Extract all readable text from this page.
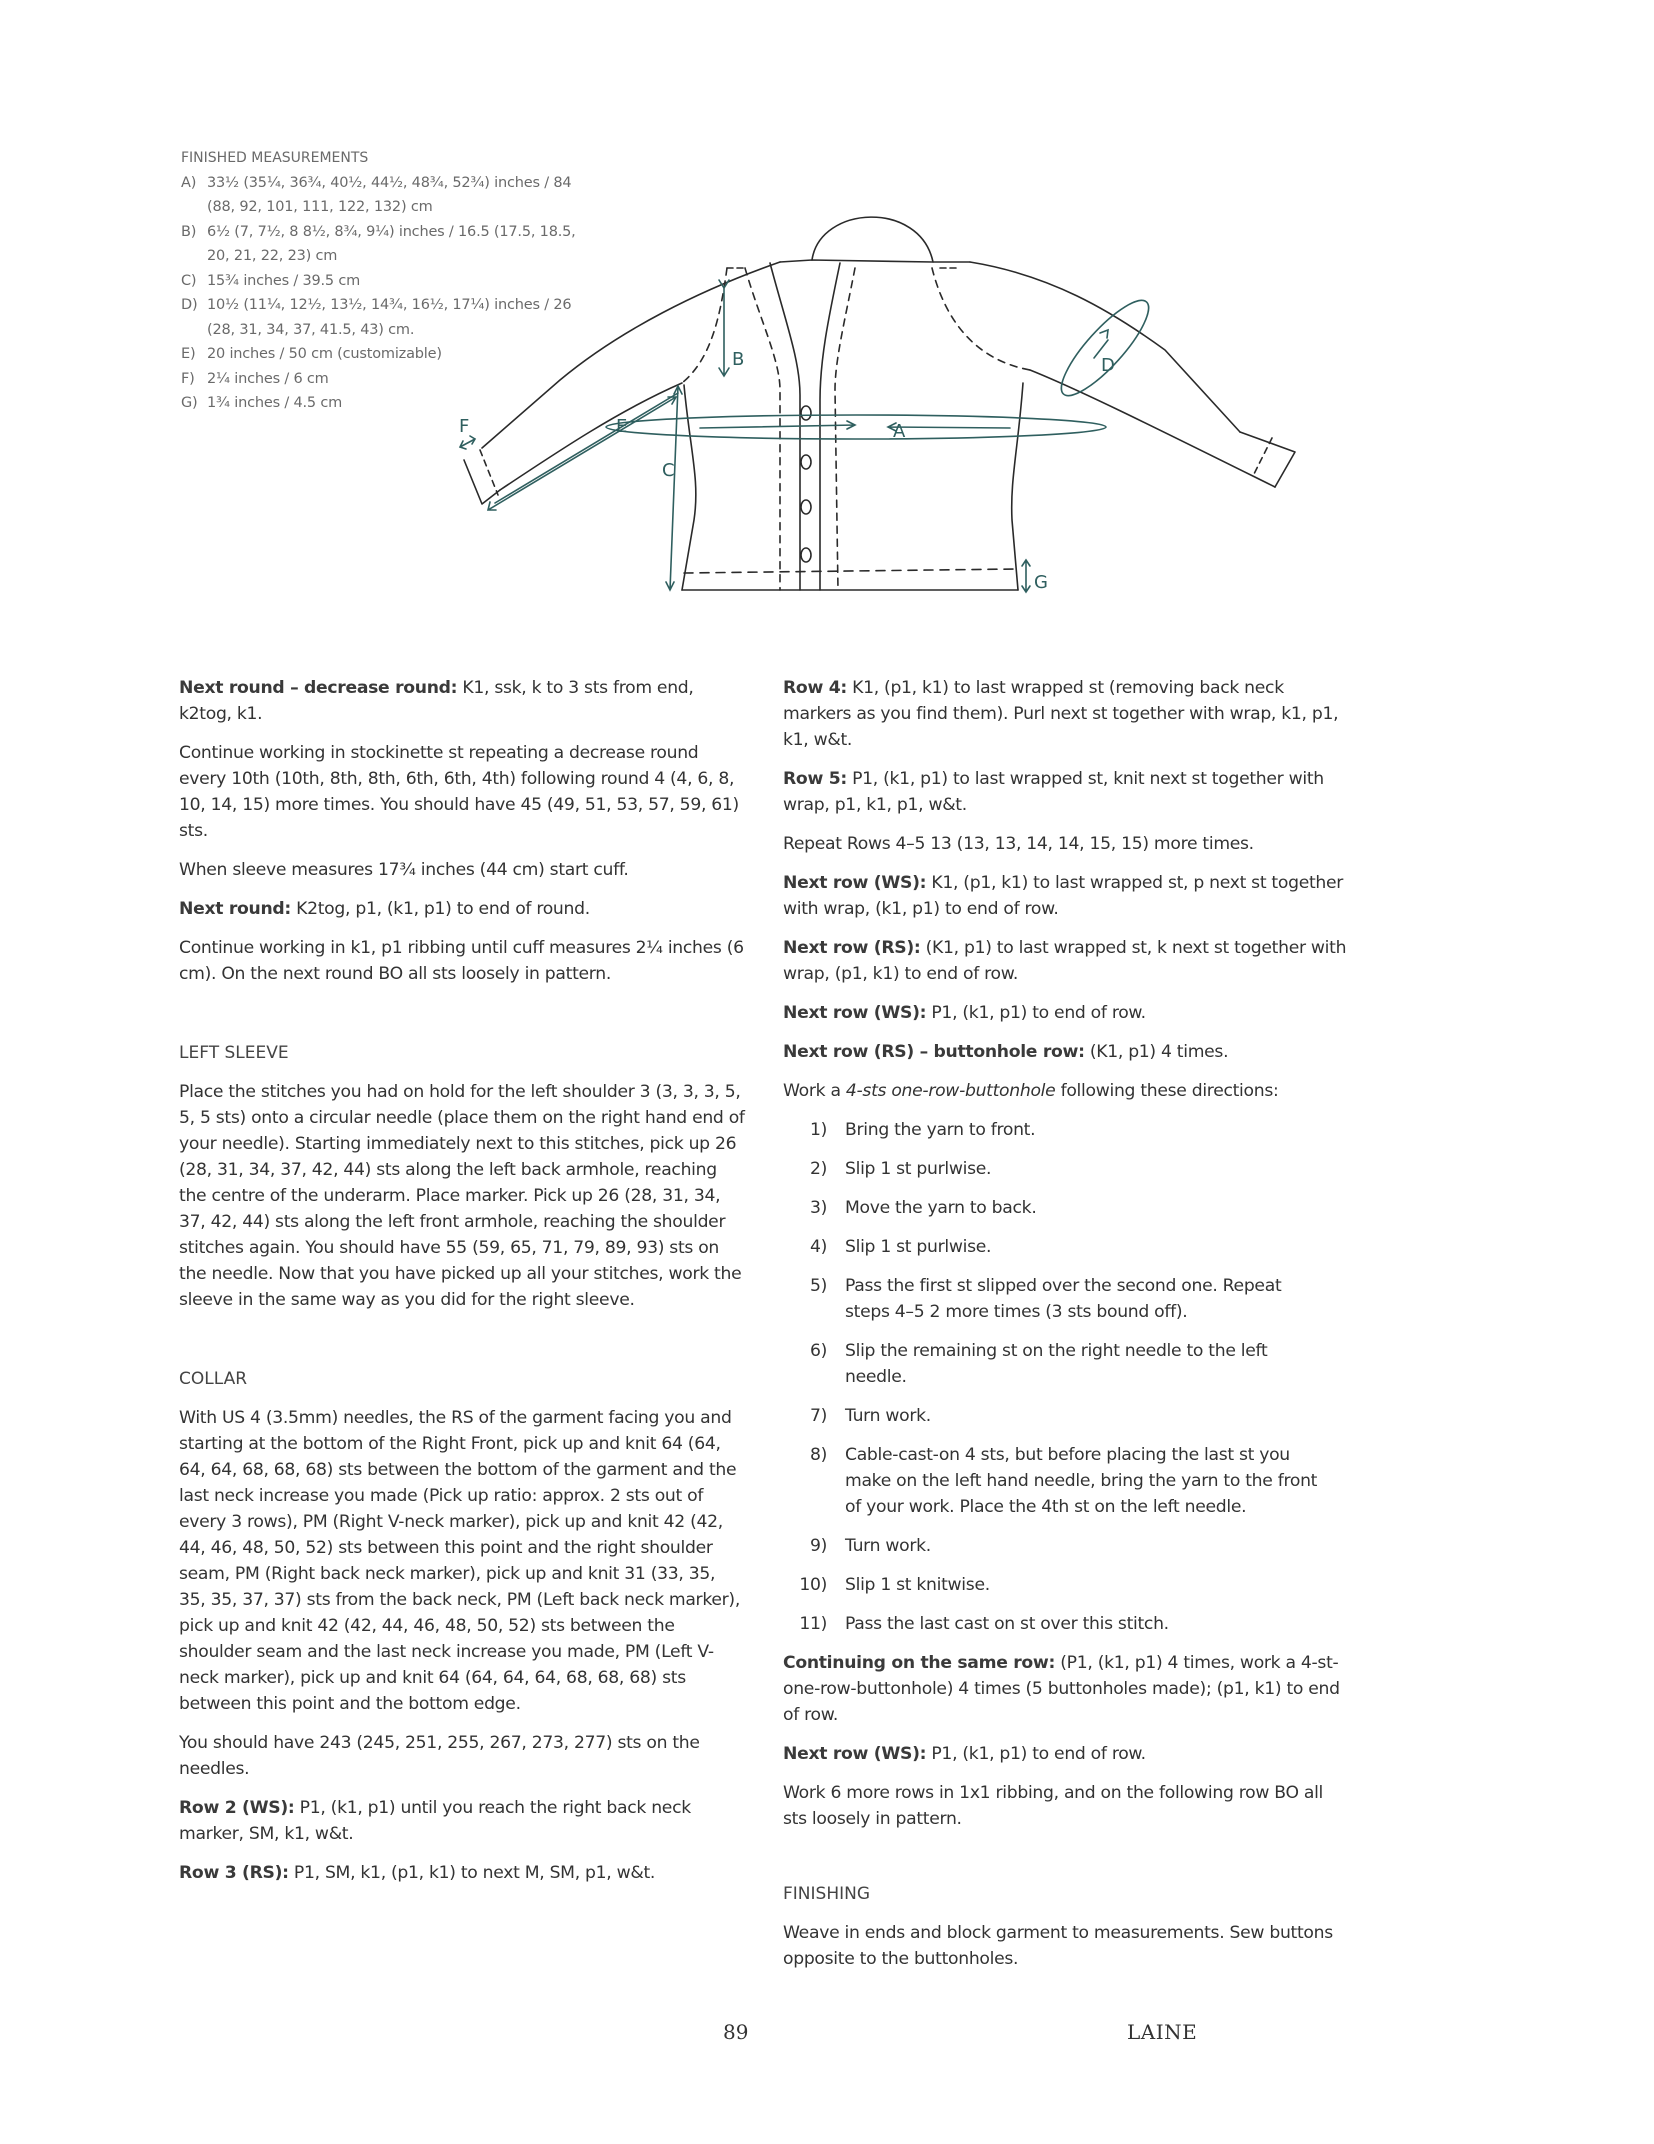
FINISHED MEASUREMENTS
A) 33½ (35¼, 36¾, 40½, 44½, 48¾, 52¾) inches / 84 (88, 92, 101, 111, 122, 132) cm
B) 6½ (7, 7½, 8 8½, 8¾, 9¼) inches / 16.5 (17.5, 18.5, 20, 21, 22, 23) cm
C) 15¾ inches / 39.5 cm
D) 10½ (11¼, 12½, 13½, 14¾, 16½, 17¼) inches / 26 (28, 31, 34, 37, 41.5, 43) cm.
E) 20 inches / 50 cm (customizable)
F) 2¼ inches / 6 cm
G) 1¾ inches / 4.5 cm
A
B
C
D
E
F
G

Next round – decrease round: K1, ssk, k to 3 sts from end, k2tog, k1.

Continue working in stockinette st repeating a decrease round every 10th (10th, 8th, 8th, 6th, 6th, 4th) following round 4 (4, 6, 8, 10, 14, 15) more times. You should have 45 (49, 51, 53, 57, 59, 61) sts.

When sleeve measures 17¾ inches (44 cm) start cuff.

Next round: K2tog, p1, (k1, p1) to end of round.

Continue working in k1, p1 ribbing until cuff measures 2¼ inches (6 cm). On the next round BO all sts loosely in pattern.

LEFT SLEEVE

Place the stitches you had on hold for the left shoulder 3 (3, 3, 3, 5, 5, 5 sts) onto a circular needle (place them on the right hand end of your needle). Starting immediately next to this stitches, pick up 26 (28, 31, 34, 37, 42, 44) sts along the left back armhole, reaching the centre of the underarm. Place marker. Pick up 26 (28, 31, 34, 37, 42, 44) sts along the left front armhole, reaching the shoulder stitches again. You should have 55 (59, 65, 71, 79, 89, 93) sts on the needle. Now that you have picked up all your stitches, work the sleeve in the same way as you did for the right sleeve.

COLLAR

With US 4 (3.5mm) needles, the RS of the garment facing you and starting at the bottom of the Right Front, pick up and knit 64 (64, 64, 64, 68, 68, 68) sts between the bottom of the garment and the last neck increase you made (Pick up ratio: approx. 2 sts out of every 3 rows), PM (Right V-neck marker), pick up and knit 42 (42, 44, 46, 48, 50, 52) sts between this point and the right shoulder seam, PM (Right back neck marker), pick up and knit 31 (33, 35, 35, 35, 37, 37) sts from the back neck, PM (Left back neck marker), pick up and knit 42 (42, 44, 46, 48, 50, 52) sts between the shoulder seam and the last neck increase you made, PM (Left V-neck marker), pick up and knit 64 (64, 64, 64, 68, 68, 68) sts between this point and the bottom edge.

You should have 243 (245, 251, 255, 267, 273, 277) sts on the needles.

Row 2 (WS): P1, (k1, p1) until you reach the right back neck marker, SM, k1, w&t.

Row 3 (RS): P1, SM, k1, (p1, k1) to next M, SM, p1, w&t.

Row 4: K1, (p1, k1) to last wrapped st (removing back neck markers as you find them). Purl next st together with wrap, k1, p1, k1, w&t.

Row 5: P1, (k1, p1) to last wrapped st, knit next st together with wrap, p1, k1, p1, w&t.

Repeat Rows 4–5 13 (13, 13, 14, 14, 15, 15) more times.

Next row (WS): K1, (p1, k1) to last wrapped st, p next st together with wrap, (k1, p1) to end of row.

Next row (RS): (K1, p1) to last wrapped st, k next st together with wrap, (p1, k1) to end of row.

Next row (WS): P1, (k1, p1) to end of row.

Next row (RS) – buttonhole row: (K1, p1) 4 times.

Work a 4-sts one-row-buttonhole following these directions:

1)	Bring the yarn to front.
2)	Slip 1 st purlwise.
3)	Move the yarn to back.
4)	Slip 1 st purlwise.
5)	Pass the first st slipped over the second one. Repeat steps 4–5 2 more times (3 sts bound off).
6)	Slip the remaining st on the right needle to the left needle.
7)	Turn work.
8)	Cable-cast-on 4 sts, but before placing the last st you make on the left hand needle, bring the yarn to the front of your work. Place the 4th st on the left needle.
9)	Turn work.
10)	Slip 1 st knitwise.
11)	Pass the last cast on st over this stitch.

Continuing on the same row: (P1, (k1, p1) 4 times, work a 4-st-one-row-buttonhole) 4 times (5 buttonholes made); (p1, k1) to end of row.

Next row (WS): P1, (k1, p1) to end of row.

Work 6 more rows in 1x1 ribbing, and on the following row BO all sts loosely in pattern.

FINISHING

Weave in ends and block garment to measurements. Sew buttons opposite to the buttonholes.

89	LAINE
